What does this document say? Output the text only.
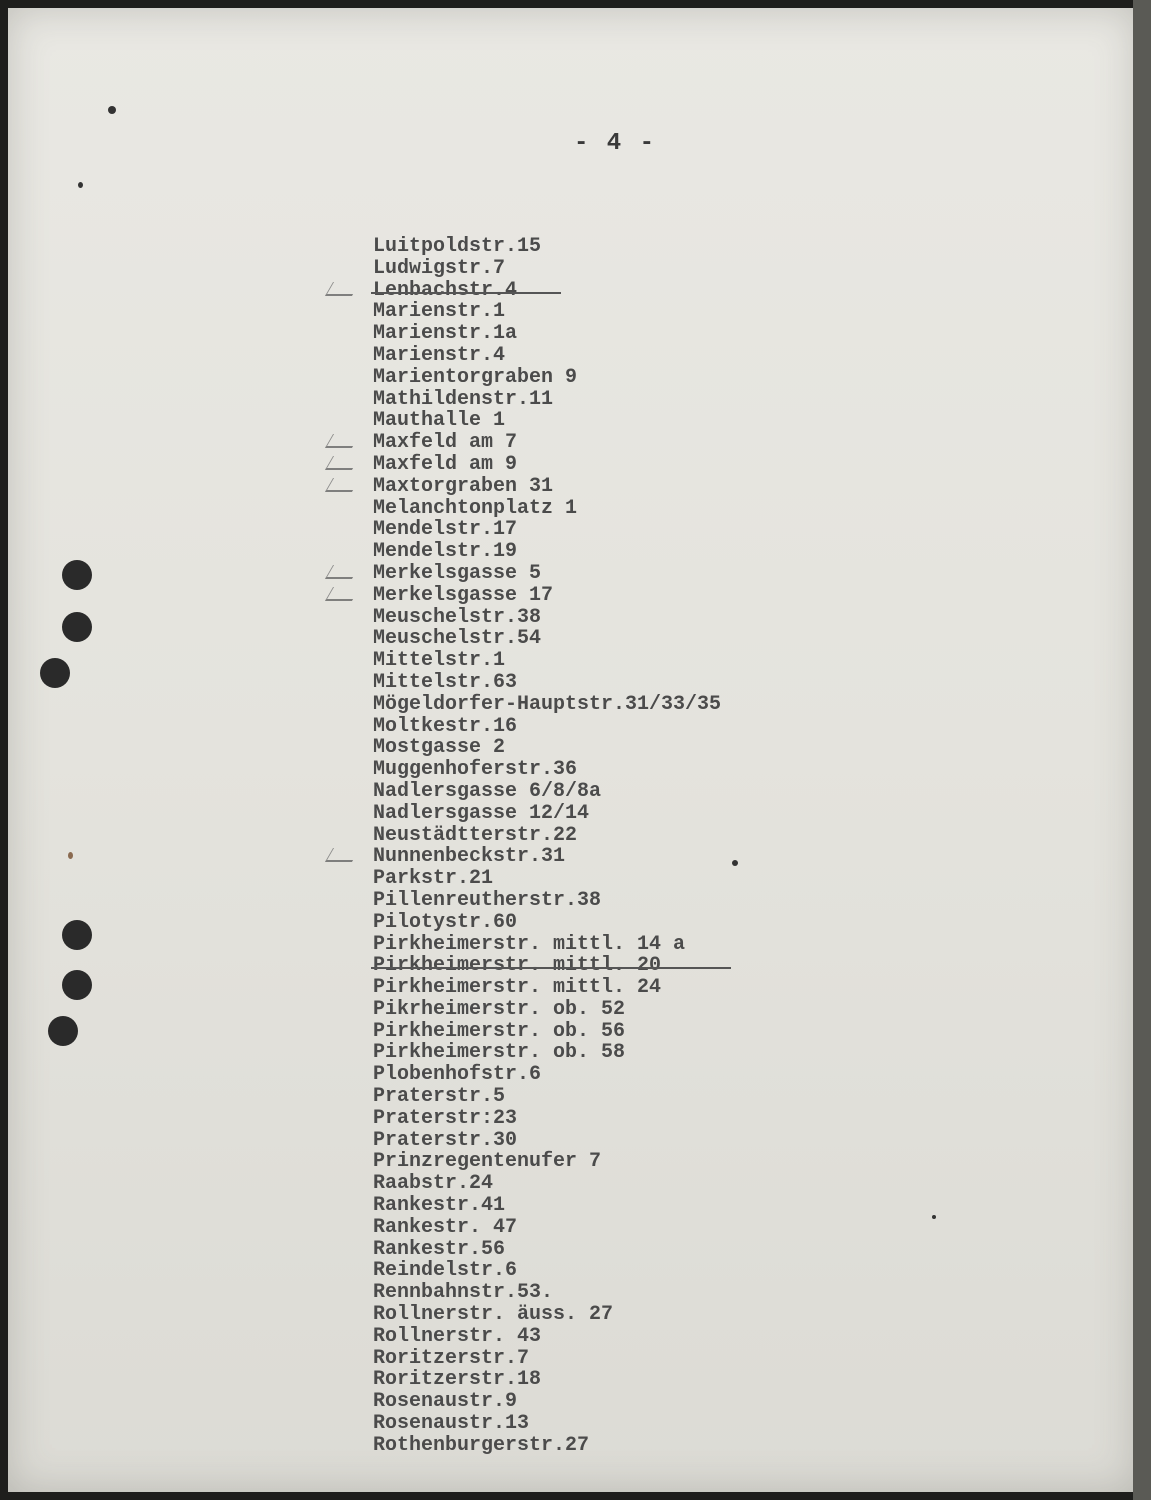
- 4 -
Luitpoldstr.15
Ludwigstr.7
Lenbachstr.4
Marienstr.1
Marienstr.1a
Marienstr.4
Marientorgraben 9
Mathildenstr.11
Mauthalle 1
Maxfeld am 7
Maxfeld am 9
Maxtorgraben 31
Melanchtonplatz 1
Mendelstr.17
Mendelstr.19
Merkelsgasse 5
Merkelsgasse 17
Meuschelstr.38
Meuschelstr.54
Mittelstr.1
Mittelstr.63
Mögeldorfer-Hauptstr.31/33/35
Moltkestr.16
Mostgasse 2
Muggenhoferstr.36
Nadlersgasse 6/8/8a
Nadlersgasse 12/14
Neustädtterstr.22
Nunnenbeckstr.31
Parkstr.21
Pillenreutherstr.38
Pilotystr.60
Pirkheimerstr. mittl. 14 a
Pirkheimerstr. mittl. 20
Pirkheimerstr. mittl. 24
Pikrheimerstr. ob. 52
Pirkheimerstr. ob. 56
Pirkheimerstr. ob. 58
Plobenhofstr.6
Praterstr.5
Praterstr:23
Praterstr.30
Prinzregentenufer 7
Raabstr.24
Rankestr.41
Rankestr. 47
Rankestr.56
Reindelstr.6
Rennbahnstr.53.
Rollnerstr. äuss. 27
Rollnerstr. 43
Roritzerstr.7
Roritzerstr.18
Rosenaustr.9
Rosenaustr.13
Rothenburgerstr.27
